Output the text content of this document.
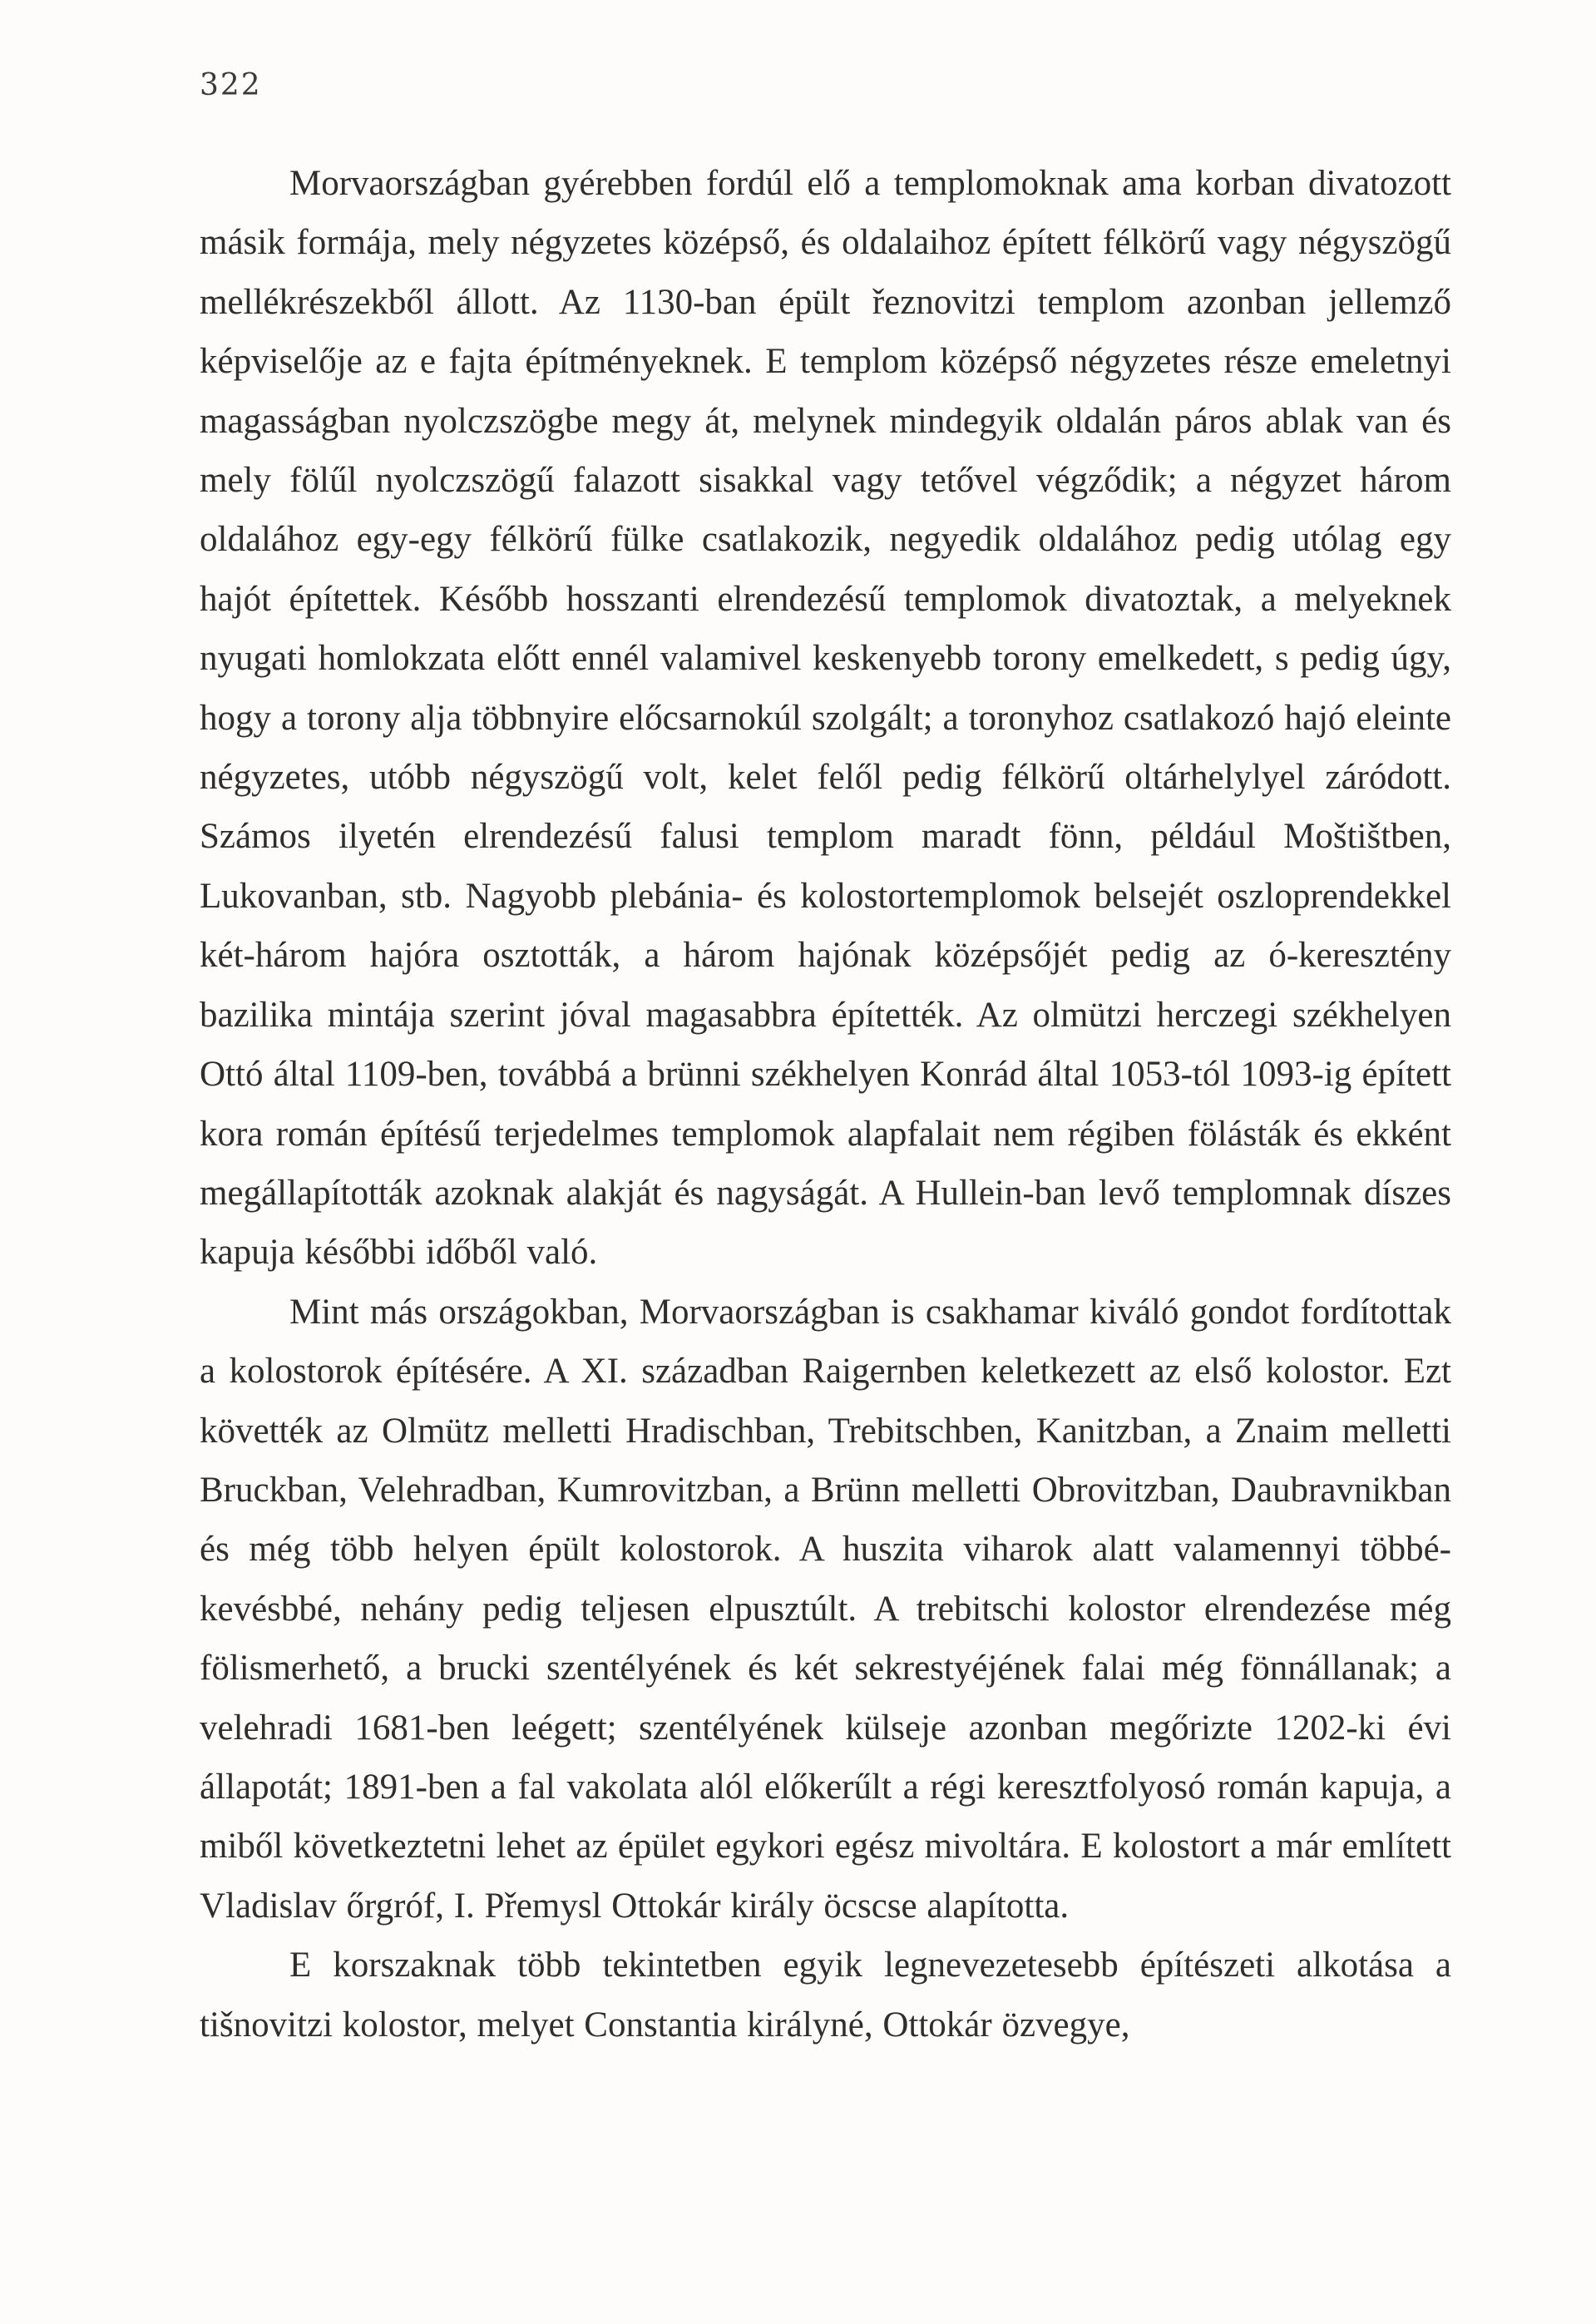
322

Morvaországban gyérebben fordúl elő a templomoknak ama korban divatozott másik formája, mely négyzetes középső, és oldalaihoz épített félkörű vagy négyszögű mellékrészekből állott. Az 1130-ban épült řeznovitzi templom azonban jellemző képviselője az e fajta építményeknek. E templom középső négyzetes része emeletnyi magasságban nyolczszögbe megy át, melynek mindegyik oldalán páros ablak van és mely fölűl nyolczszögű falazott sisakkal vagy tetővel végződik; a négyzet három oldalához egy-egy félkörű fülke csatlakozik, negyedik oldalához pedig utólag egy hajót építettek. Később hosszanti elrendezésű templomok divatoztak, a melyeknek nyugati homlokzata előtt ennél valamivel keskenyebb torony emelkedett, s pedig úgy, hogy a torony alja többnyire előcsarnokúl szolgált; a toronyhoz csatlakozó hajó eleinte négyzetes, utóbb négyszögű volt, kelet felől pedig félkörű oltárhelylyel záródott. Számos ilyetén elrendezésű falusi templom maradt fönn, például Moštištben, Lukovanban, stb. Nagyobb plebánia- és kolostortemplomok belsejét oszloprendekkel két-három hajóra osztották, a három hajónak középsőjét pedig az ó-keresztény bazilika mintája szerint jóval magasabbra építették. Az olmützi herczegi székhelyen Ottó által 1109-ben, továbbá a brünni székhelyen Konrád által 1053-tól 1093-ig épített kora román építésű terjedelmes templomok alapfalait nem régiben fölásták és ekként megállapították azoknak alakját és nagyságát. A Hullein-ban levő templomnak díszes kapuja későbbi időből való.

Mint más országokban, Morvaországban is csakhamar kiváló gondot fordítottak a kolostorok építésére. A XI. században Raigernben keletkezett az első kolostor. Ezt követték az Olmütz melletti Hradischban, Trebitschben, Kanitzban, a Znaim melletti Bruckban, Velehradban, Kumrovitzban, a Brünn melletti Obrovitzban, Daubravnikban és még több helyen épült kolostorok. A huszita viharok alatt valamennyi többé-kevésbbé, nehány pedig teljesen elpusztúlt. A trebitschi kolostor elrendezése még fölismerhető, a brucki szentélyének és két sekrestyéjének falai még fönnállanak; a velehradi 1681-ben leégett; szentélyének külseje azonban megőrizte 1202-ki évi állapotát; 1891-ben a fal vakolata alól előkerűlt a régi keresztfolyosó román kapuja, a miből következtetni lehet az épület egykori egész mivoltára. E kolostort a már említett Vladislav őrgróf, I. Přemysl Ottokár király öcscse alapította.

E korszaknak több tekintetben egyik legnevezetesebb építészeti alkotása a tišnovitzi kolostor, melyet Constantia királyné, Ottokár özvegye,
